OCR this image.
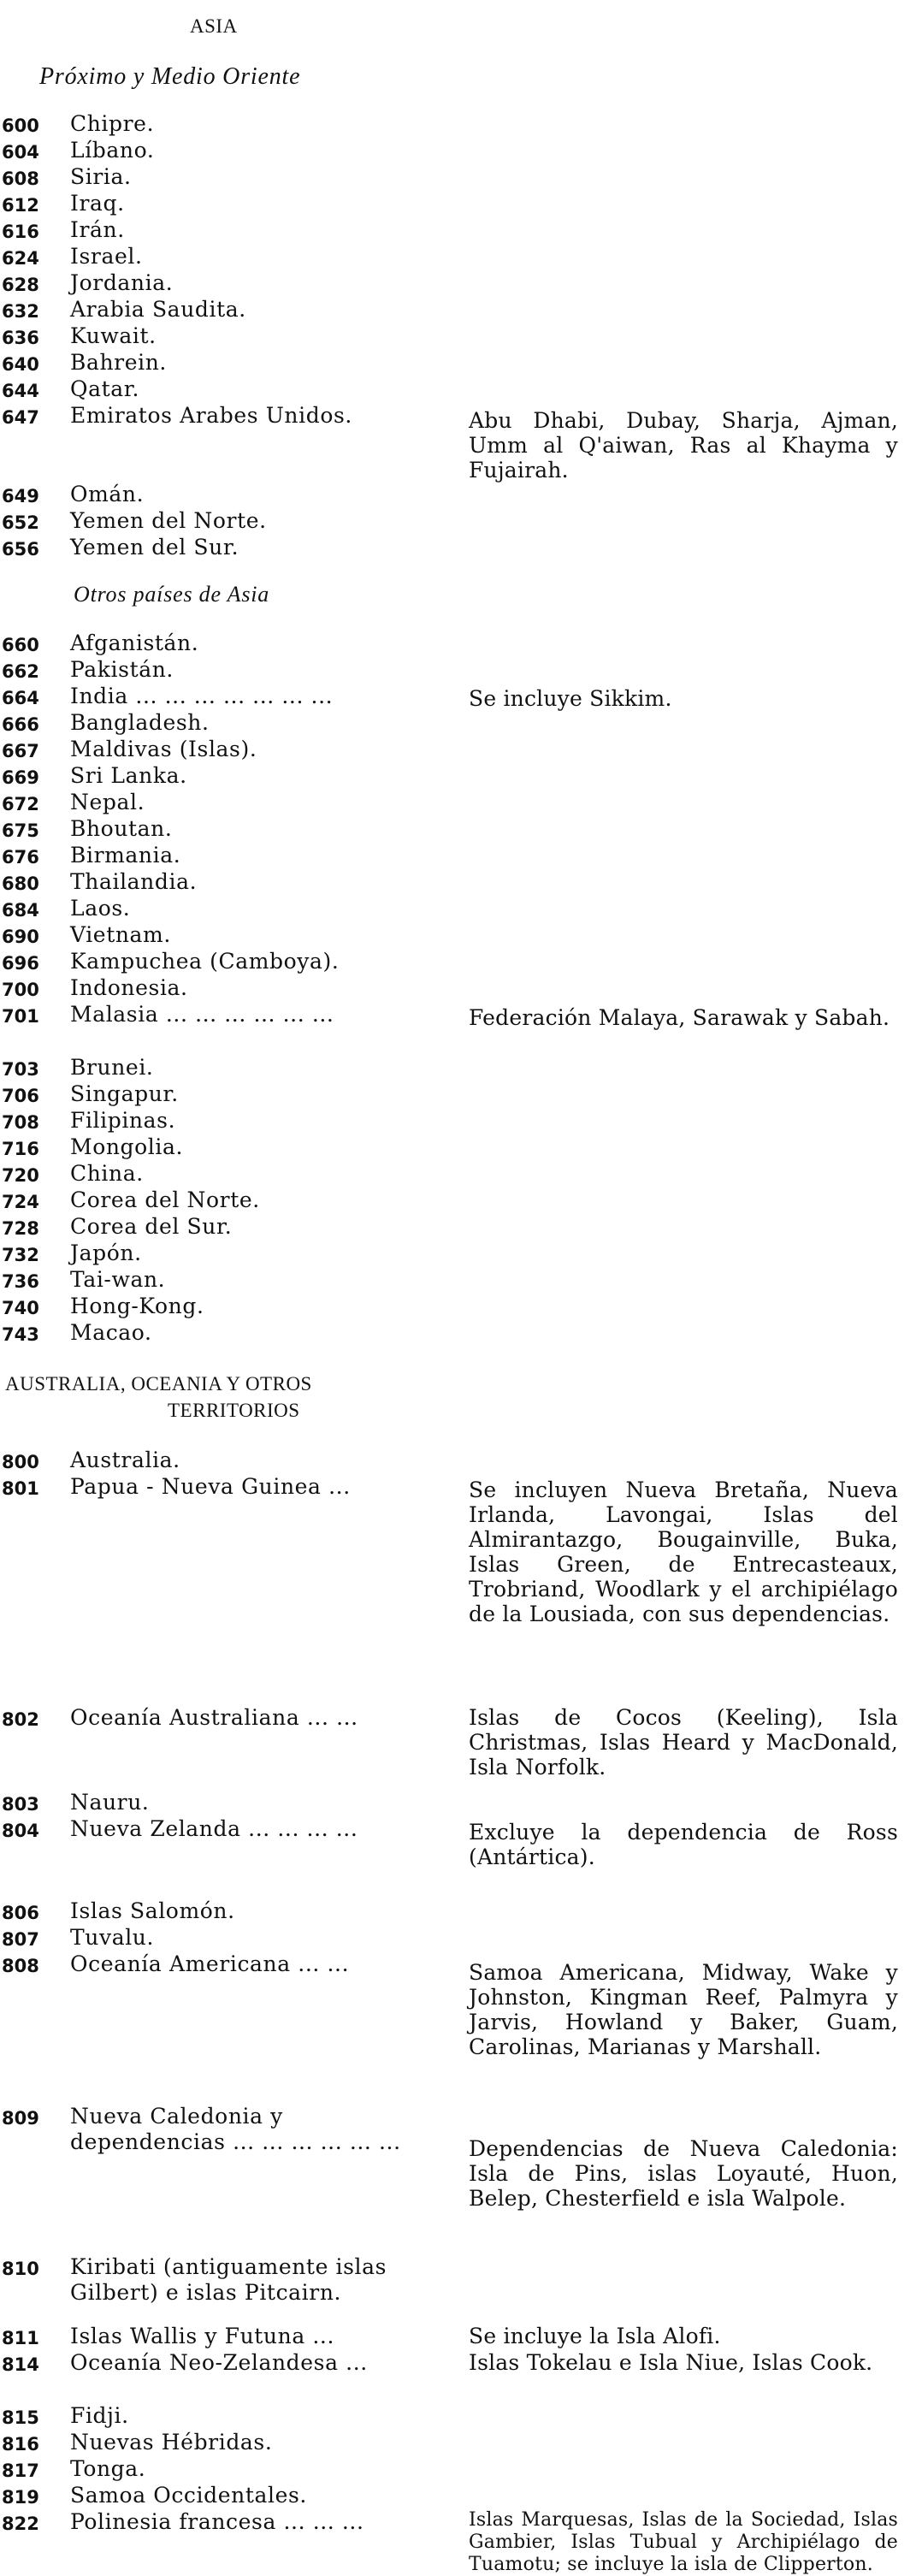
ASIA
Próximo y Medio Oriente
600 Chipre.
604 Líbano.
608 Siria.
612 Iraq.
616 Irán.
624 Israel.
628 Jordania.
632 Arabia Saudita.
636 Kuwait.
640 Bahrein.
644 Qatar.
647 Emiratos Arabes Unidos.	Abu Dhabi, Dubay, Sharja, Ajman, Umm al Q'aiwan, Ras al Khayma y Fujairah.
649 Omán.
652 Yemen del Norte.
656 Yemen del Sur.
Otros países de Asia
660 Afganistán.
662 Pakistán.
664 India ... ... ... ... ... ... ...	Se incluye Sikkim.
666 Bangladesh.
667 Maldivas (Islas).
669 Sri Lanka.
672 Nepal.
675 Bhoutan.
676 Birmania.
680 Thailandia.
684 Laos.
690 Vietnam.
696 Kampuchea (Camboya).
700 Indonesia.
701 Malasia ... ... ... ... ... ...	Federación Malaya, Sarawak y Sabah.
703 Brunei.
706 Singapur.
708 Filipinas.
716 Mongolia.
720 China.
724 Corea del Norte.
728 Corea del Sur.
732 Japón.
736 Tai-wan.
740 Hong-Kong.
743 Macao.
AUSTRALIA, OCEANIA Y OTROS
TERRITORIOS
800 Australia.
801 Papua - Nueva Guinea ...	Se incluyen Nueva Bretaña, Nueva Irlanda, Lavongai, Islas del Almirantazgo, Bougainville, Buka, Islas Green, de Entrecasteaux, Trobriand, Woodlark y el archipiélago de la Lousiada, con sus dependencias.
802 Oceanía Australiana ... ...	Islas de Cocos (Keeling), Isla Christmas, Islas Heard y MacDonald, Isla Norfolk.
803 Nauru.
804 Nueva Zelanda ... ... ... ...	Excluye la dependencia de Ross (Antártica).
806 Islas Salomón.
807 Tuvalu.
808 Oceanía Americana ... ...	Samoa Americana, Midway, Wake y Johnston, Kingman Reef, Palmyra y Jarvis, Howland y Baker, Guam, Carolinas, Marianas y Marshall.
809 Nueva Caledonia y dependencias ... ... ... ... ... ...	Dependencias de Nueva Caledonia: Isla de Pins, islas Loyauté, Huon, Belep, Chesterfield e isla Walpole.
810 Kiribati (antiguamente islas Gilbert) e islas Pitcairn.
811 Islas Wallis y Futuna ...	Se incluye la Isla Alofi.
814 Oceanía Neo-Zelandesa ...	Islas Tokelau e Isla Niue, Islas Cook.
815 Fidji.
816 Nuevas Hébridas.
817 Tonga.
819 Samoa Occidentales.
822 Polinesia francesa ... ... ...	Islas Marquesas, Islas de la Sociedad, Islas Gambier, Islas Tubual y Archipiélago de Tuamotu; se incluye la isla de Clipperton.
